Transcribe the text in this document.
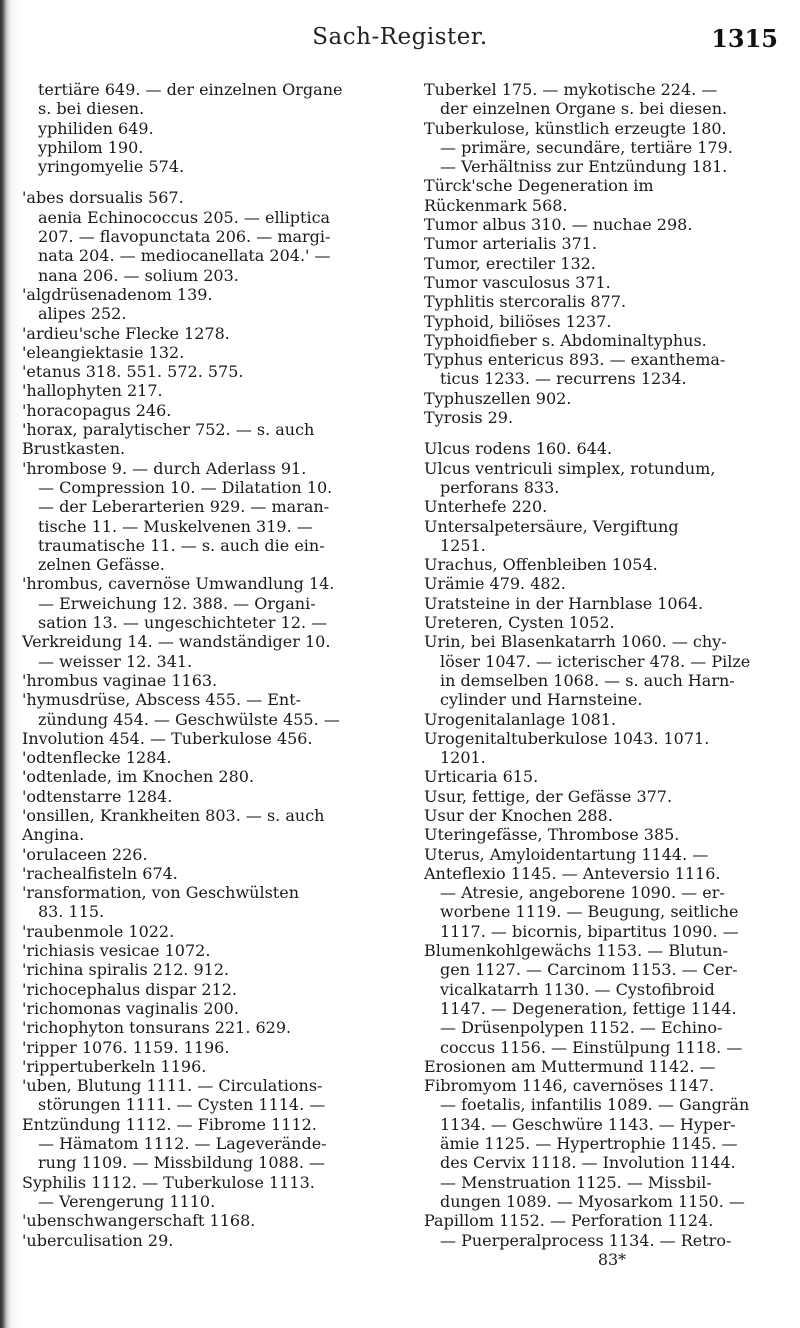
Sach-Register.	1315
tertiäre 649. — der einzelnen Organe
s. bei diesen.
yphiliden 649.
yphilom 190.
yringomyelie 574.

'abes dorsualis 567.
aenia Echinococcus 205. — elliptica
207. — flavopunctata 206. — margi-
nata 204. — mediocanellata 204.' —
nana 206. — solium 203.
'algdrüsenadenom 139.
alipes 252.
'ardieu'sche Flecke 1278.
'eleangiektasie 132.
'etanus 318. 551. 572. 575.
'hallophyten 217.
'horacopagus 246.
'horax, paralytischer 752. — s. auch
Brustkasten.
'hrombose 9. — durch Aderlass 91.
— Compression 10. — Dilatation 10.
— der Leberarterien 929. — maran-
tische 11. — Muskelvenen 319. —
traumatische 11. — s. auch die ein-
zelnen Gefässe.
'hrombus, cavernöse Umwandlung 14.
— Erweichung 12. 388. — Organi-
sation 13. — ungeschichteter 12. —
Verkreidung 14. — wandständiger 10.
— weisser 12. 341.
'hrombus vaginae 1163.
'hymusdrüse, Abscess 455. — Ent-
zündung 454. — Geschwülste 455. —
Involution 454. — Tuberkulose 456.
'odtenflecke 1284.
'odtenlade, im Knochen 280.
'odtenstarre 1284.
'onsillen, Krankheiten 803. — s. auch
Angina.
'orulaceen 226.
'rachealfisteln 674.
'ransformation, von Geschwülsten
83. 115.
'raubenmole 1022.
'richiasis vesicae 1072.
'richina spiralis 212. 912.
'richocephalus dispar 212.
'richomonas vaginalis 200.
'richophyton tonsurans 221. 629.
'ripper 1076. 1159. 1196.
'rippertuberkeln 1196.
'uben, Blutung 1111. — Circulations-
störungen 1111. — Cysten 1114. —
Entzündung 1112. — Fibrome 1112.
— Hämatom 1112. — Lageverände-
rung 1109. — Missbildung 1088. —
Syphilis 1112. — Tuberkulose 1113.
— Verengerung 1110.
'ubenschwangerschaft 1168.
'uberculisation 29.
Tuberkel 175. — mykotische 224. —
der einzelnen Organe s. bei diesen.
Tuberkulose, künstlich erzeugte 180.
— primäre, secundäre, tertiäre 179.
— Verhältniss zur Entzündung 181.
Türck'sche Degeneration im
Rückenmark 568.
Tumor albus 310. — nuchae 298.
Tumor arterialis 371.
Tumor, erectiler 132.
Tumor vasculosus 371.
Typhlitis stercoralis 877.
Typhoid, biliöses 1237.
Typhoidfieber s. Abdominaltyphus.
Typhus entericus 893. — exanthema-
ticus 1233. — recurrens 1234.
Typhuszellen 902.
Tyrosis 29.

Ulcus rodens 160. 644.
Ulcus ventriculi simplex, rotundum,
perforans 833.
Unterhefe 220.
Untersalpetersäure, Vergiftung
1251.
Urachus, Offenbleiben 1054.
Urämie 479. 482.
Uratsteine in der Harnblase 1064.
Ureteren, Cysten 1052.
Urin, bei Blasenkatarrh 1060. — chy-
löser 1047. — icterischer 478. — Pilze
in demselben 1068. — s. auch Harn-
cylinder und Harnsteine.
Urogenitalanlage 1081.
Urogenitaltuberkulose 1043. 1071.
1201.
Urticaria 615.
Usur, fettige, der Gefässe 377.
Usur der Knochen 288.
Uteringefässe, Thrombose 385.
Uterus, Amyloidentartung 1144. —
Anteflexio 1145. — Anteversio 1116.
— Atresie, angeborene 1090. — er-
worbene 1119. — Beugung, seitliche
1117. — bicornis, bipartitus 1090. —
Blumenkohlgewächs 1153. — Blutun-
gen 1127. — Carcinom 1153. — Cer-
vicalkatarrh 1130. — Cystofibroid
1147. — Degeneration, fettige 1144.
— Drüsenpolypen 1152. — Echino-
coccus 1156. — Einstülpung 1118. —
Erosionen am Muttermund 1142. —
Fibromyom 1146, cavernöses 1147.
— foetalis, infantilis 1089. — Gangrän
1134. — Geschwüre 1143. — Hyper-
ämie 1125. — Hypertrophie 1145. —
des Cervix 1118. — Involution 1144.
— Menstruation 1125. — Missbil-
dungen 1089. — Myosarkom 1150. —
Papillom 1152. — Perforation 1124.
— Puerperalprocess 1134. — Retro-
83*
